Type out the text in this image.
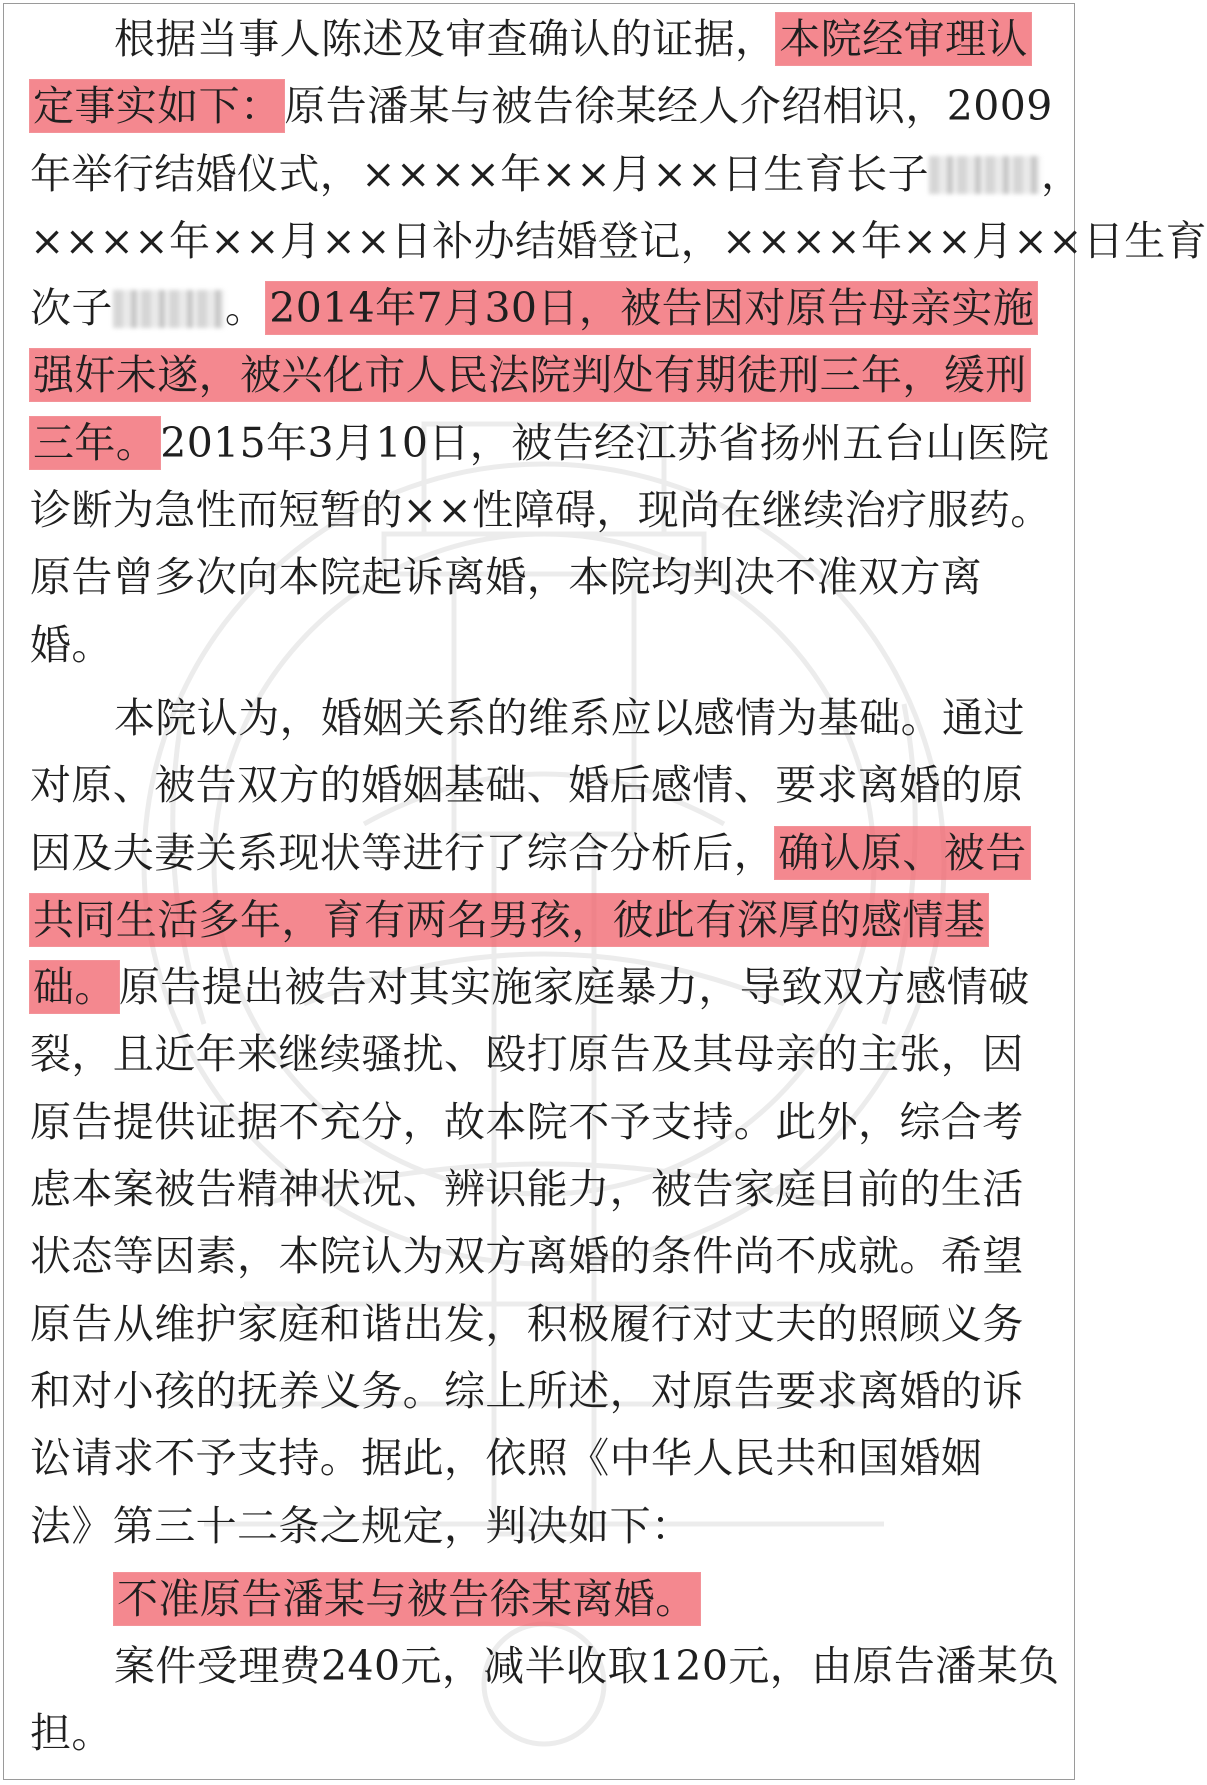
根据当事人陈述及审查确认的证据，本院经审理认
定事实如下：原告潘某与被告徐某经人介绍相识，2009
年举行结婚仪式，××××年××月××日生育长子	，
××××年××月××日补办结婚登记，××××年××月××日生育
次子	。2014年7月30日，被告因对原告母亲实施
强奸未遂，被兴化市人民法院判处有期徒刑三年，缓刑
三年。2015年3月10日，被告经江苏省扬州五台山医院
诊断为急性而短暂的××性障碍，现尚在继续治疗服药。
原告曾多次向本院起诉离婚，本院均判决不准双方离
婚。
本院认为，婚姻关系的维系应以感情为基础。通过
对原、被告双方的婚姻基础、婚后感情、要求离婚的原
因及夫妻关系现状等进行了综合分析后，确认原、被告
共同生活多年，育有两名男孩，彼此有深厚的感情基
础。原告提出被告对其实施家庭暴力，导致双方感情破
裂，且近年来继续骚扰、殴打原告及其母亲的主张，因
原告提供证据不充分，故本院不予支持。此外，综合考
虑本案被告精神状况、辨识能力，被告家庭目前的生活
状态等因素，本院认为双方离婚的条件尚不成就。希望
原告从维护家庭和谐出发，积极履行对丈夫的照顾义务
和对小孩的抚养义务。综上所述，对原告要求离婚的诉
讼请求不予支持。据此，依照《中华人民共和国婚姻
法》第三十二条之规定，判决如下：
不准原告潘某与被告徐某离婚。
案件受理费240元，减半收取120元，由原告潘某负
担。
